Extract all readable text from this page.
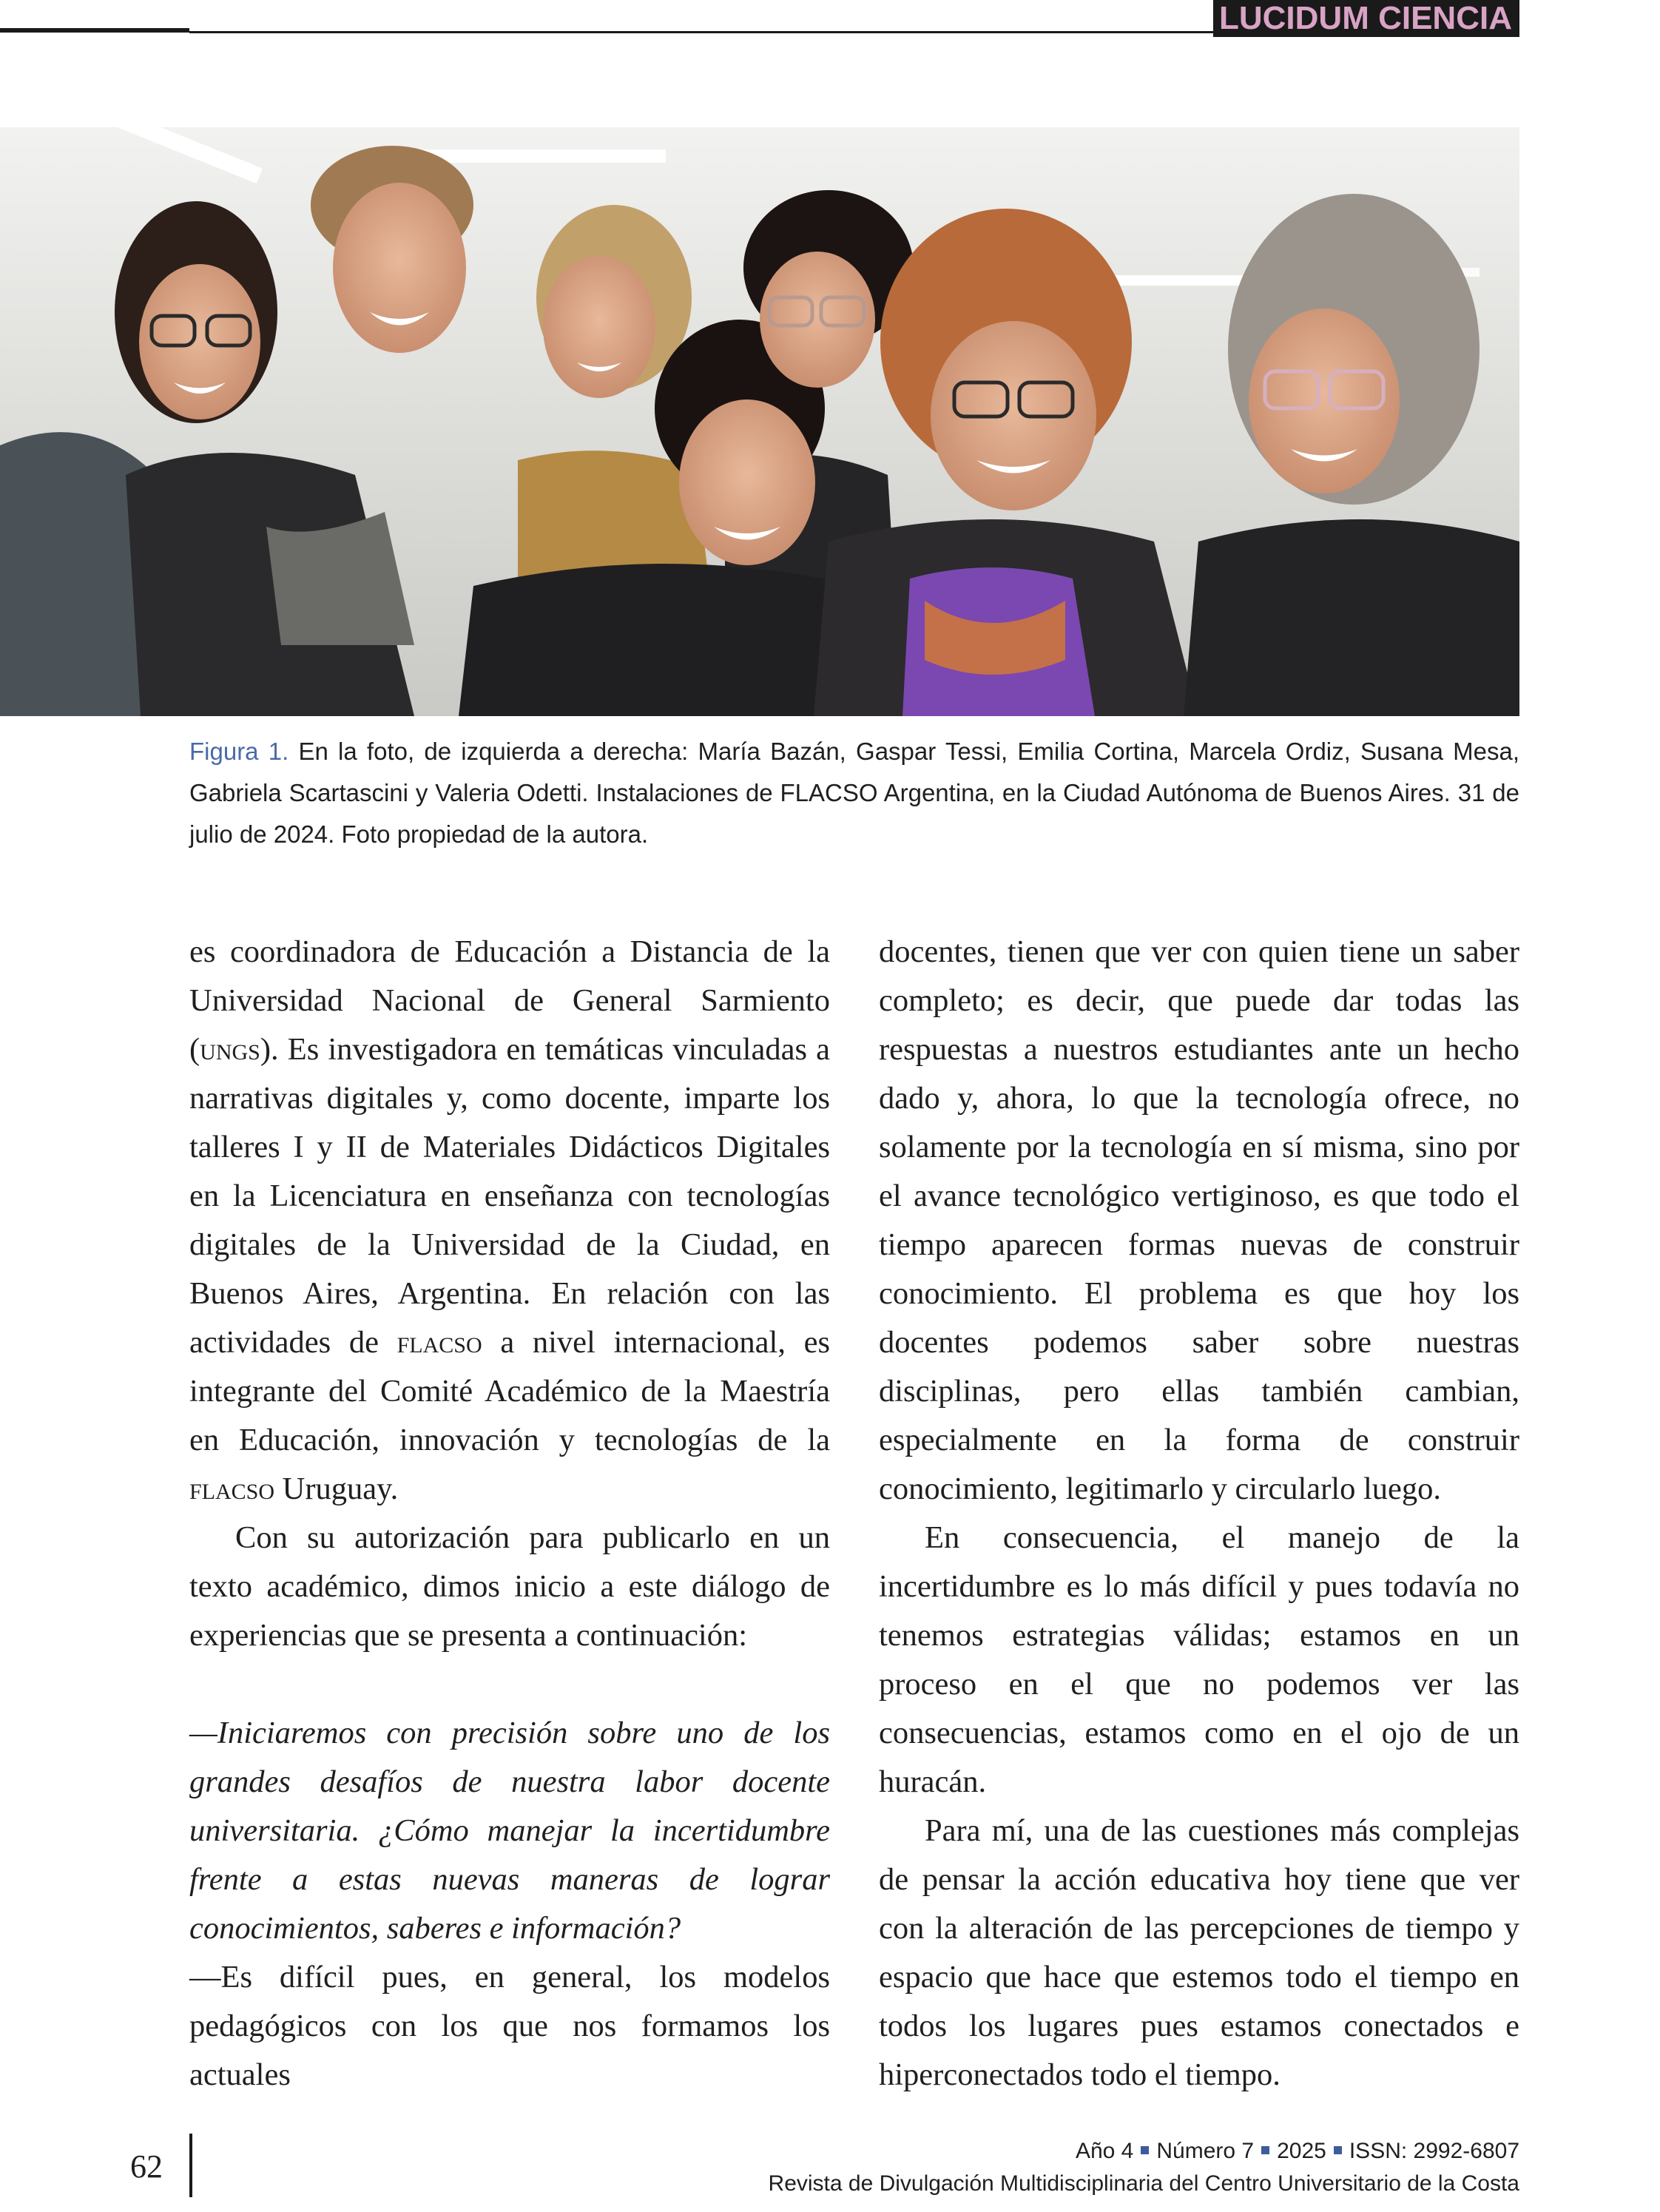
LUCIDUM CIENCIA
Figura 1. En la foto, de izquierda a derecha: María Bazán, Gaspar Tessi, Emilia Cortina, Marcela Ordiz, Susana Mesa, Gabriela Scartascini y Valeria Odetti. Instalaciones de FLACSO Argentina, en la Ciudad Autónoma de Buenos Aires. 31 de julio de 2024. Foto propiedad de la autora.

es coordinadora de Educación a Distancia de la Universidad Nacional de General Sarmiento (ungs). Es investigadora en temáticas vinculadas a narrativas digitales y, como docente, imparte los talleres I y II de Materiales Didácticos Digitales en la Licenciatura en enseñanza con tecnologías digitales de la Universidad de la Ciudad, en Buenos Aires, Argentina. En relación con las actividades de flacso a nivel internacional, es integrante del Comité Académico de la Maestría en Educación, innovación y tecnologías de la flacso Uruguay.

Con su autorización para publicarlo en un texto académico, dimos inicio a este diálogo de experiencias que se presenta a continuación:

—Iniciaremos con precisión sobre uno de los grandes desafíos de nuestra labor docente universitaria. ¿Cómo manejar la incertidumbre frente a estas nuevas maneras de lograr conocimientos, saberes e información?

—Es difícil pues, en general, los modelos pedagógicos con los que nos formamos los actuales

docentes, tienen que ver con quien tiene un saber completo; es decir, que puede dar todas las respuestas a nuestros estudiantes ante un hecho dado y, ahora, lo que la tecnología ofrece, no solamente por la tecnología en sí misma, sino por el avance tecnológico vertiginoso, es que todo el tiempo aparecen formas nuevas de construir conocimiento. El problema es que hoy los docentes podemos saber sobre nuestras disciplinas, pero ellas también cambian, especialmente en la forma de construir conocimiento, legitimarlo y circularlo luego.

En consecuencia, el manejo de la incertidumbre es lo más difícil y pues todavía no tenemos estrategias válidas; estamos en un proceso en el que no podemos ver las consecuencias, estamos como en el ojo de un huracán.

Para mí, una de las cuestiones más complejas de pensar la acción educativa hoy tiene que ver con la alteración de las percepciones de tiempo y espacio que hace que estemos todo el tiempo en todos los lugares pues estamos conectados e hiperconectados todo el tiempo.

62	Año 4 Número 7 2025 ISSN: 2992-6807
Revista de Divulgación Multidisciplinaria del Centro Universitario de la Costa
